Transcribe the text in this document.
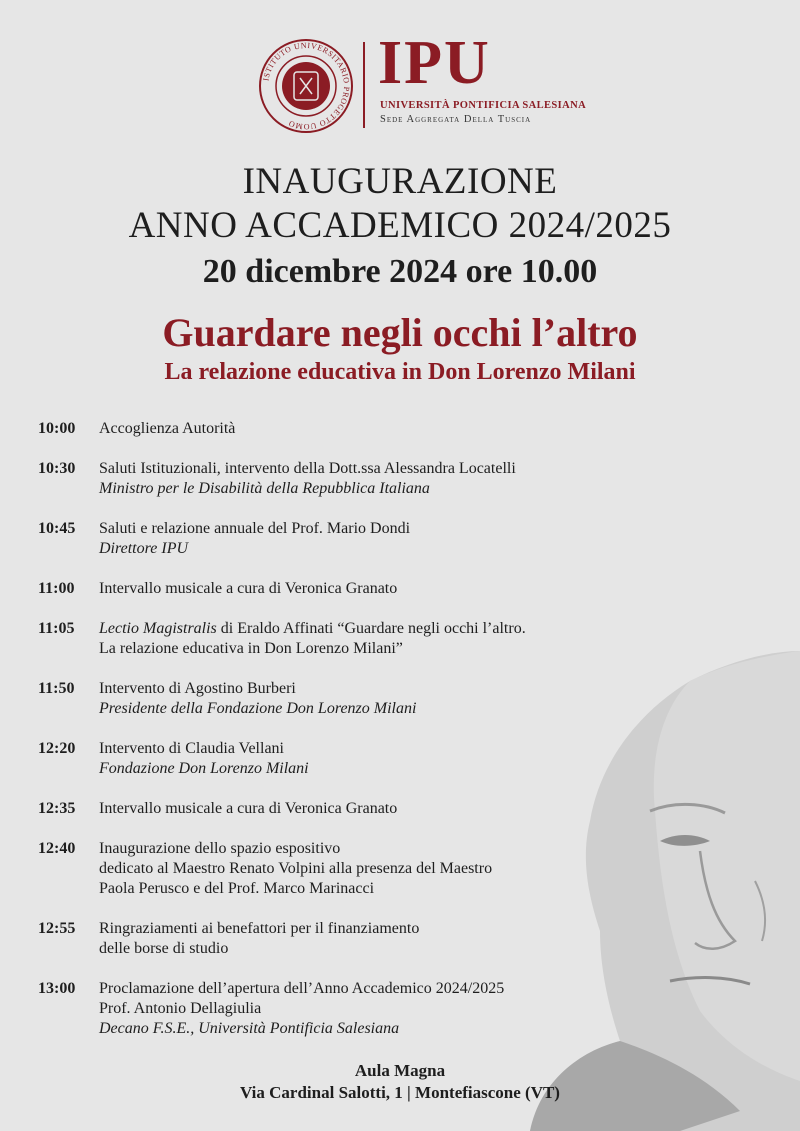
ISTITUTO UNIVERSITARIO PROGETTO UOMO
IPU
UNIVERSITÀ PONTIFICIA SALESIANA
Sede Aggregata Della Tuscia
INAUGURAZIONE
ANNO ACCADEMICO 2024/2025
20 dicembre 2024 ore 10.00
Guardare negli occhi l’altro
La relazione educativa in Don Lorenzo Milani
10:00	Accoglienza Autorità
10:30	Saluti Istituzionali, intervento della Dott.ssa Alessandra Locatelli
Ministro per le Disabilità della Repubblica Italiana
10:45	Saluti e relazione annuale del Prof. Mario Dondi
Direttore IPU
11:00	Intervallo musicale a cura di Veronica Granato
11:05	Lectio Magistralis di Eraldo Affinati “Guardare negli occhi l’altro.
La relazione educativa in Don Lorenzo Milani”
11:50	Intervento di Agostino Burberi
Presidente della Fondazione Don Lorenzo Milani
12:20	Intervento di Claudia Vellani
Fondazione Don Lorenzo Milani
12:35	Intervallo musicale a cura di Veronica Granato
12:40	Inaugurazione dello spazio espositivo
dedicato al Maestro Renato Volpini alla presenza del Maestro
Paola Perusco e del Prof. Marco Marinacci
12:55	Ringraziamenti ai benefattori per il finanziamento
delle borse di studio
13:00	Proclamazione dell’apertura dell’Anno Accademico 2024/2025
Prof. Antonio Dellagiulia
Decano F.S.E., Università Pontificia Salesiana
Aula Magna
Via Cardinal Salotti, 1 | Montefiascone (VT)
